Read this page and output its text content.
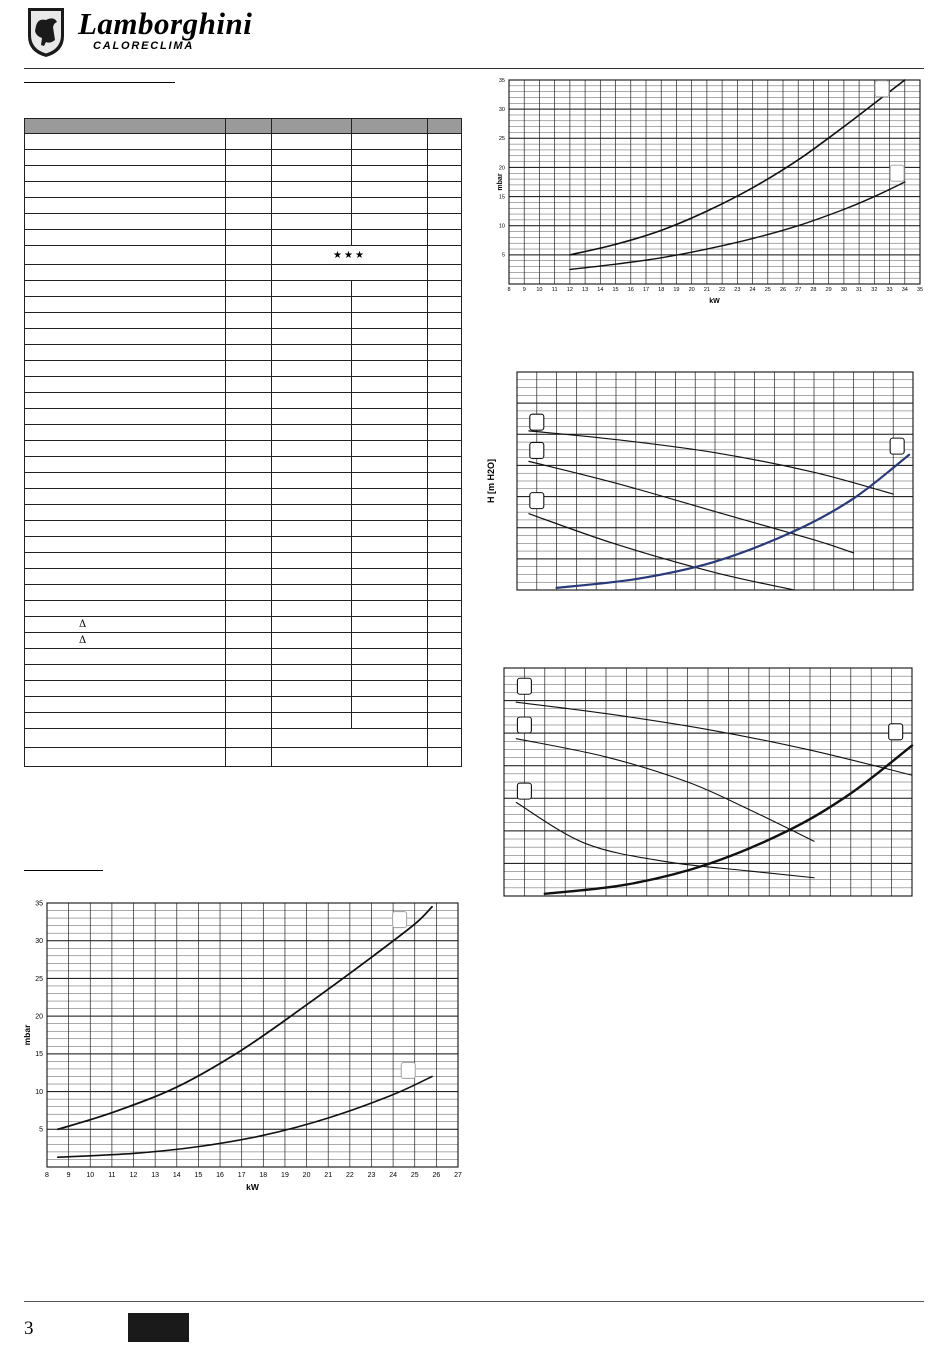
Lamborghini
CALORECLIMA

		★★★		

Δ				
Δ				

8 9 10 11 12 13 14 15 16 17 18 19 20 21 22 23 24 25 26 27 28 29 30 31 32 33 34 35
5
10
15
20
25
30
35
kW
mbar
H [m H2O]
8	9 10 11 12 13 14 15 16 17 18 19 20 21 22 23 24 25 26 27
5
10
15
20
25
30
35
kW
mbar
3
